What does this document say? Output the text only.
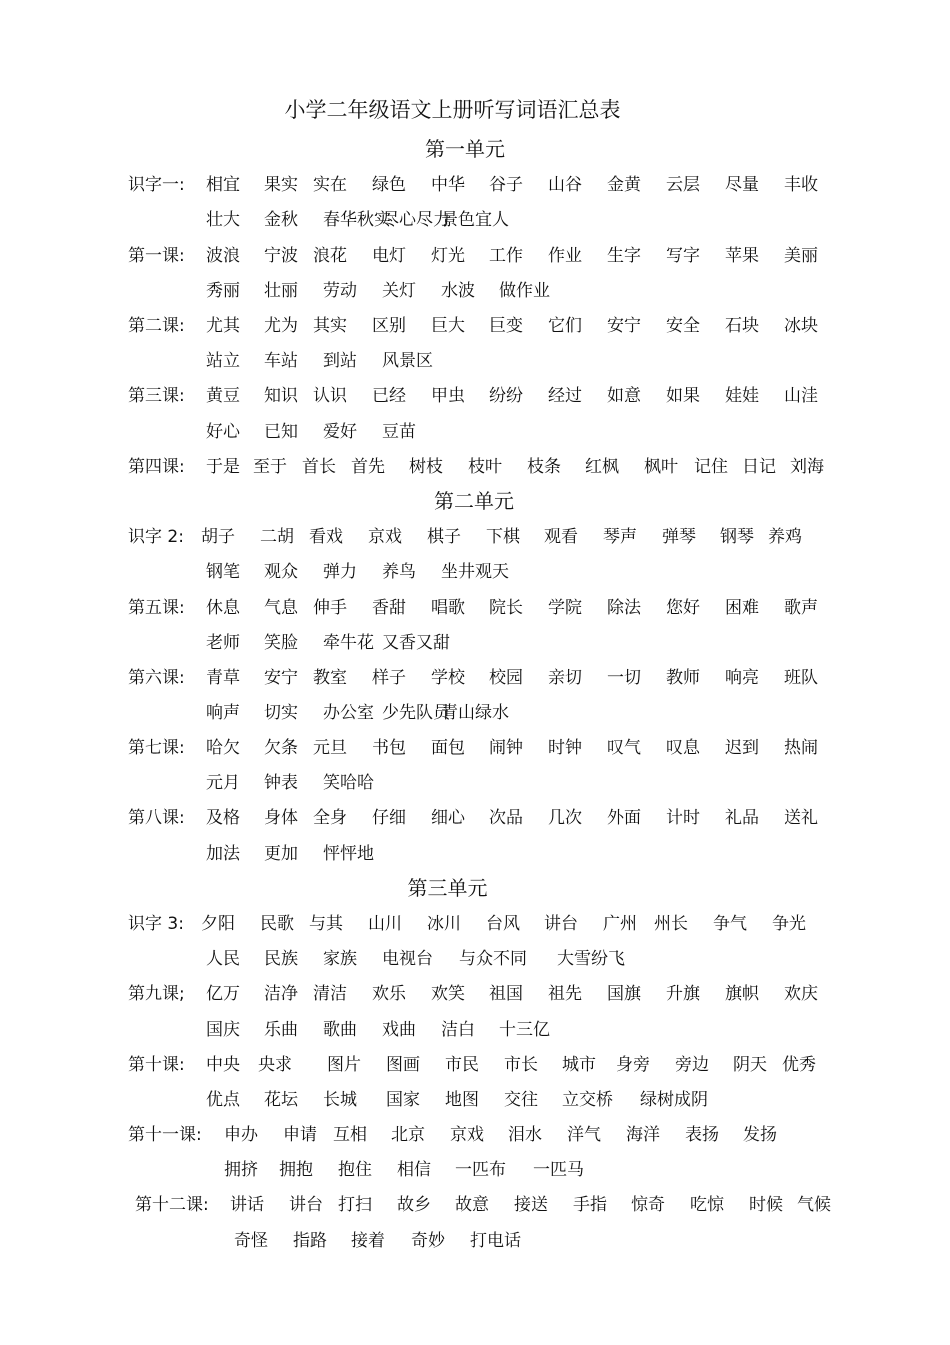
小学二年级语文上册听写词语汇总表
第一单元
识字一: 相宜 果实 实在 绿色 中华 谷子 山谷 金黄 云层 尽量 丰收
壮大 金秋 春华秋实
尽心尽力
景色宜人
第一课: 波浪 宁波 浪花 电灯 灯光 工作 作业 生字 写字 苹果 美丽
秀丽 壮丽 劳动 关灯 水波 做作业
第二课: 尤其 尤为 其实 区别 巨大 巨变 它们 安宁 安全 石块 冰块
站立 车站 到站 风景区
第三课: 黄豆 知识 认识 已经 甲虫 纷纷 经过 如意 如果 娃娃 山洼
好心 已知 爱好 豆苗
第四课: 于是 至于 首长 首先 树枝 枝叶 枝条 红枫 枫叶 记住 日记 刘海
第二单元
识字 2: 胡子 二胡 看戏 京戏 棋子 下棋 观看 琴声 弹琴 钢琴 养鸡
钢笔 观众 弹力 养鸟 坐井观天
第五课: 休息 气息 伸手 香甜 唱歌 院长 学院 除法 您好 困难 歌声
老师 笑脸 牵牛花 又香又甜
第六课: 青草 安宁 教室 样子 学校 校园 亲切 一切 教师 响亮 班队
响声 切实 办公室 少先队员
青山绿水
第七课: 哈欠 欠条 元旦 书包 面包 闹钟 时钟 叹气 叹息 迟到 热闹
元月 钟表 笑哈哈
第八课: 及格 身体 全身 仔细 细心 次品 几次 外面 计时 礼品 送礼
加法 更加 怦怦地
第三单元
识字 3: 夕阳 民歌 与其 山川 冰川 台风 讲台 广州 州长 争气 争光
人民 民族 家族 电视台 与众不同 大雪纷飞
第九课; 亿万 洁净 清洁 欢乐 欢笑 祖国 祖先 国旗 升旗 旗帜 欢庆
国庆 乐曲 歌曲 戏曲 洁白 十三亿
第十课: 中央 央求 图片 图画 市民 市长 城市 身旁 旁边 阴天 优秀
优点 花坛 长城 国家 地图 交往 立交桥 绿树成阴
第十一课: 申办 申请 互相 北京 京戏 泪水 洋气 海洋 表扬 发扬
拥挤 拥抱 抱住 相信 一匹布 一匹马
第十二课: 讲话 讲台 打扫 故乡 故意 接送 手指 惊奇 吃惊 时候 气候
奇怪 指路 接着 奇妙 打电话
